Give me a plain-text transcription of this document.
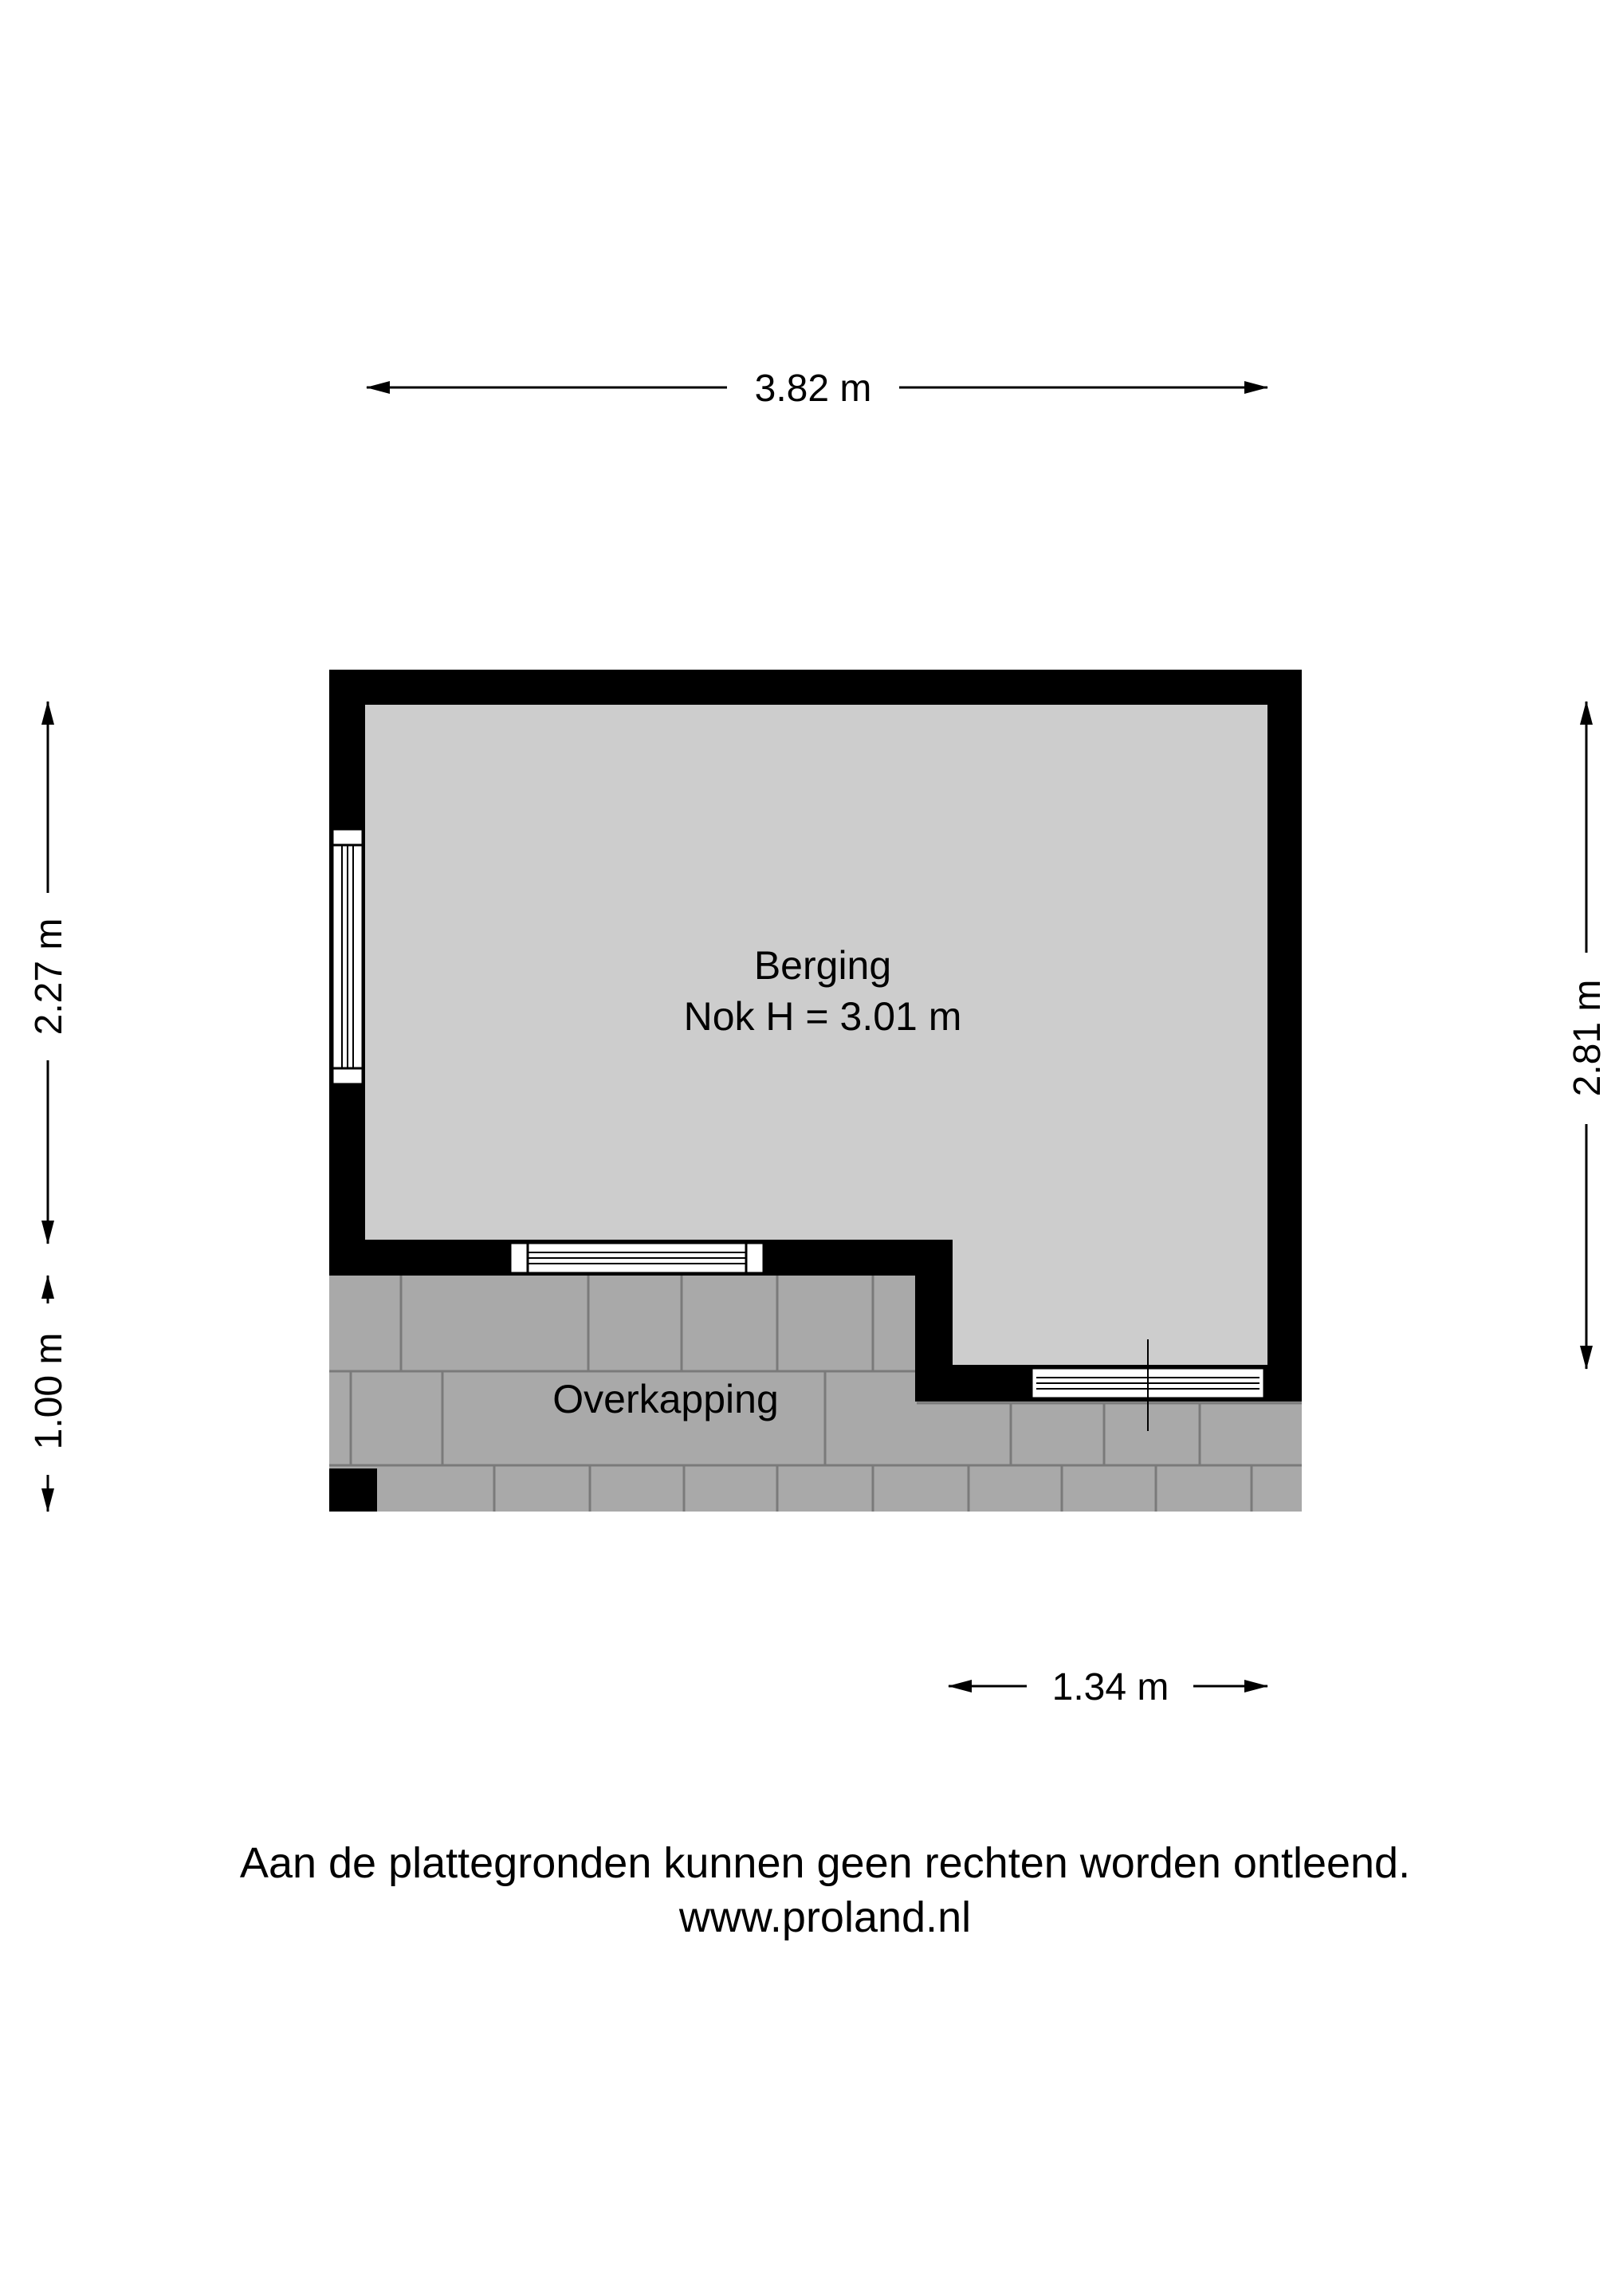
Berging
Nok H = 3.01 m
Overkapping
3.82 m
2.27 m
1.00 m
2.81 m
1.34 m
Aan de plattegronden kunnen geen rechten worden ontleend.
www.proland.nl
